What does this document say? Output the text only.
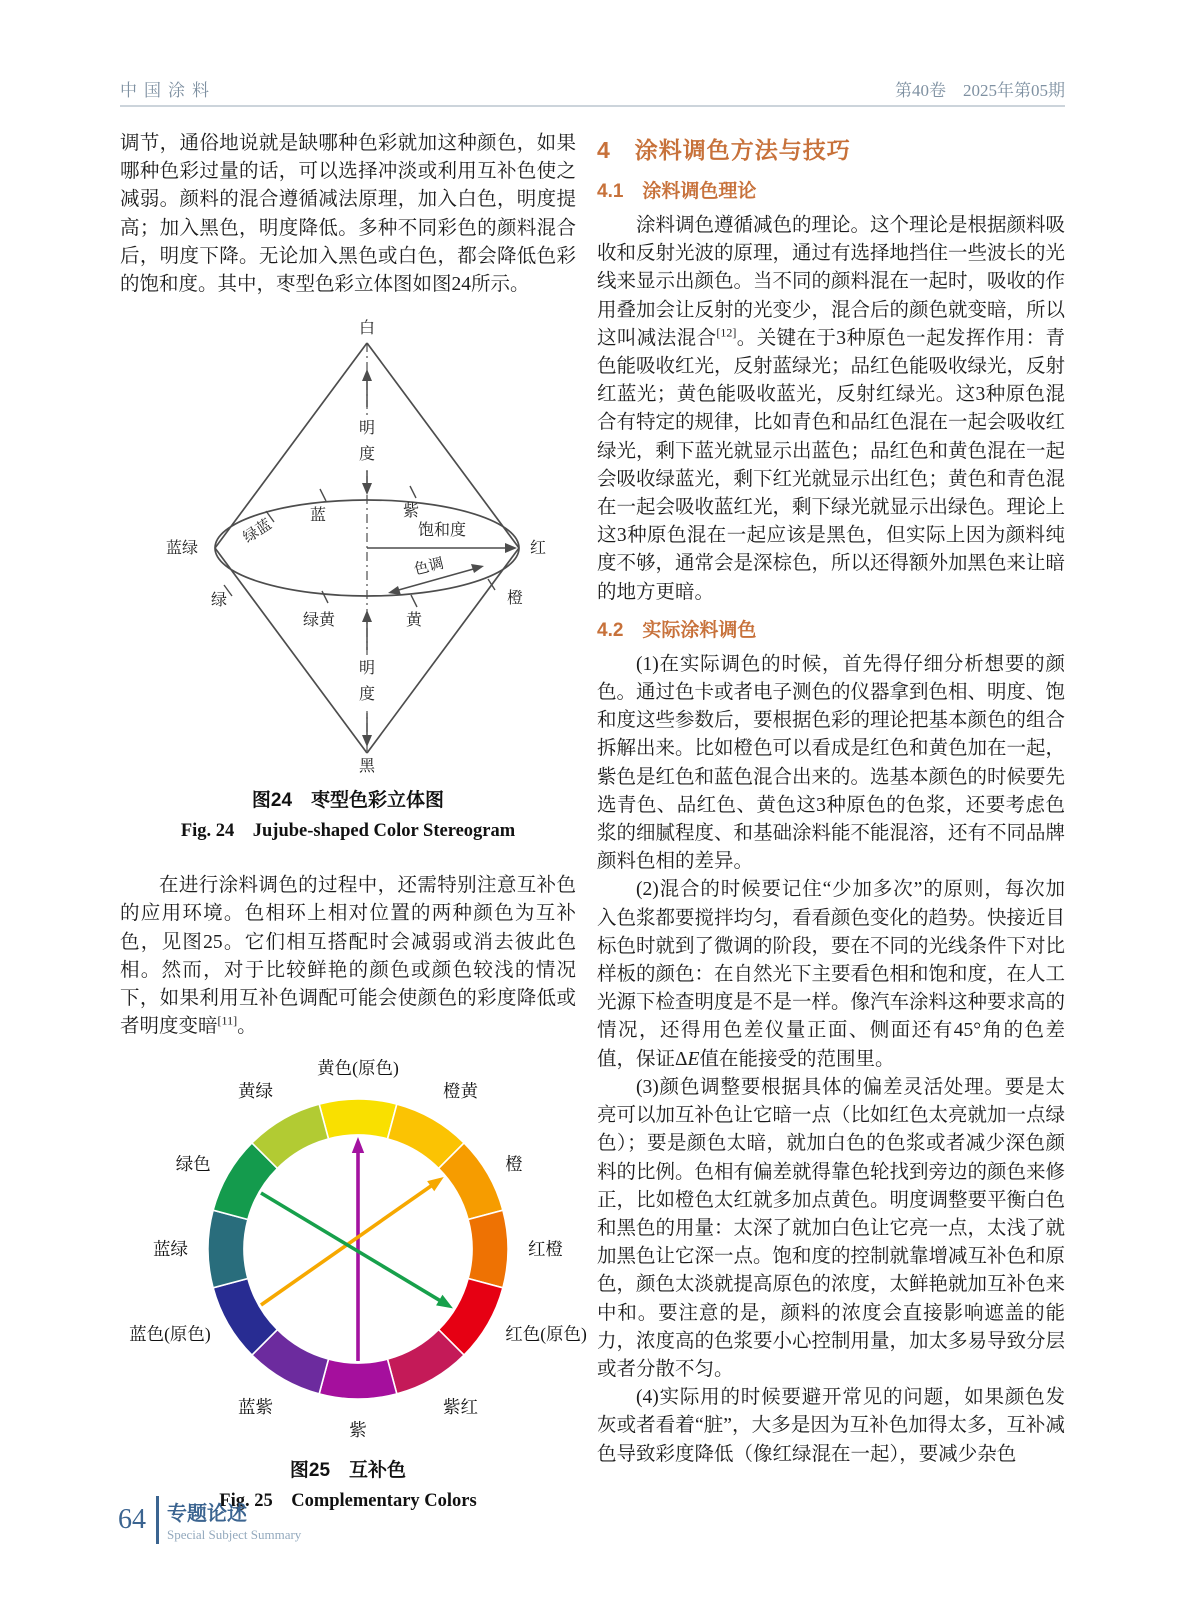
中国涂料	第40卷　2025年第05期

调节，通俗地说就是缺哪种色彩就加这种颜色，如果哪种色彩过量的话，可以选择冲淡或利用互补色使之减弱。颜料的混合遵循减法原理，加入白色，明度提高；加入黑色，明度降低。多种不同彩色的颜料混合后，明度下降。无论加入黑色或白色，都会降低色彩的饱和度。其中，枣型色彩立体图如图24所示。

白
黑
明度
明度
饱和度
色调
蓝	紫
绿蓝
蓝绿
绿
绿黄	黄
橙
红
图24　枣型色彩立体图
Fig. 24　Jujube-shaped Color Stereogram

在进行涂料调色的过程中，还需特别注意互补色的应用环境。色相环上相对位置的两种颜色为互补色，见图25。它们相互搭配时会减弱或消去彼此色相。然而，对于比较鲜艳的颜色或颜色较浅的情况下，如果利用互补色调配可能会使颜色的彩度降低或者明度变暗[11]。

黄色(原色)
橙黄
橙
红橙
红色(原色)
紫红
紫
蓝紫
蓝色(原色)
蓝绿
绿色
黄绿
图25　互补色
Fig. 25　Complementary Colors
4　涂料调色方法与技巧
4.1　涂料调色理论

涂料调色遵循减色的理论。这个理论是根据颜料吸收和反射光波的原理，通过有选择地挡住一些波长的光线来显示出颜色。当不同的颜料混在一起时，吸收的作用叠加会让反射的光变少，混合后的颜色就变暗，所以这叫减法混合[12]。关键在于3种原色一起发挥作用：青色能吸收红光，反射蓝绿光；品红色能吸收绿光，反射红蓝光；黄色能吸收蓝光，反射红绿光。这3种原色混合有特定的规律，比如青色和品红色混在一起会吸收红绿光，剩下蓝光就显示出蓝色；品红色和黄色混在一起会吸收绿蓝光，剩下红光就显示出红色；黄色和青色混在一起会吸收蓝红光，剩下绿光就显示出绿色。理论上这3种原色混在一起应该是黑色，但实际上因为颜料纯度不够，通常会是深棕色，所以还得额外加黑色来让暗的地方更暗。

4.2　实际涂料调色

(1)在实际调色的时候，首先得仔细分析想要的颜色。通过色卡或者电子测色的仪器拿到色相、明度、饱和度这些参数后，要根据色彩的理论把基本颜色的组合拆解出来。比如橙色可以看成是红色和黄色加在一起，紫色是红色和蓝色混合出来的。选基本颜色的时候要先选青色、品红色、黄色这3种原色的色浆，还要考虑色浆的细腻程度、和基础涂料能不能混溶，还有不同品牌颜料色相的差异。

(2)混合的时候要记住“少加多次”的原则，每次加入色浆都要搅拌均匀，看看颜色变化的趋势。快接近目标色时就到了微调的阶段，要在不同的光线条件下对比样板的颜色：在自然光下主要看色相和饱和度，在人工光源下检查明度是不是一样。像汽车涂料这种要求高的情况，还得用色差仪量正面、侧面还有45°角的色差值，保证ΔE值在能接受的范围里。

(3)颜色调整要根据具体的偏差灵活处理。要是太亮可以加互补色让它暗一点（比如红色太亮就加一点绿色）；要是颜色太暗，就加白色的色浆或者减少深色颜料的比例。色相有偏差就得靠色轮找到旁边的颜色来修正，比如橙色太红就多加点黄色。明度调整要平衡白色和黑色的用量：太深了就加白色让它亮一点，太浅了就加黑色让它深一点。饱和度的控制就靠增减互补色和原色，颜色太淡就提高原色的浓度，太鲜艳就加互补色来中和。要注意的是，颜料的浓度会直接影响遮盖的能力，浓度高的色浆要小心控制用量，加太多易导致分层或者分散不匀。

(4)实际用的时候要避开常见的问题，如果颜色发灰或者看着“脏”，大多是因为互补色加得太多，互补减色导致彩度降低（像红绿混在一起），要减少杂色

64 专题论述
Special Subject Summary
